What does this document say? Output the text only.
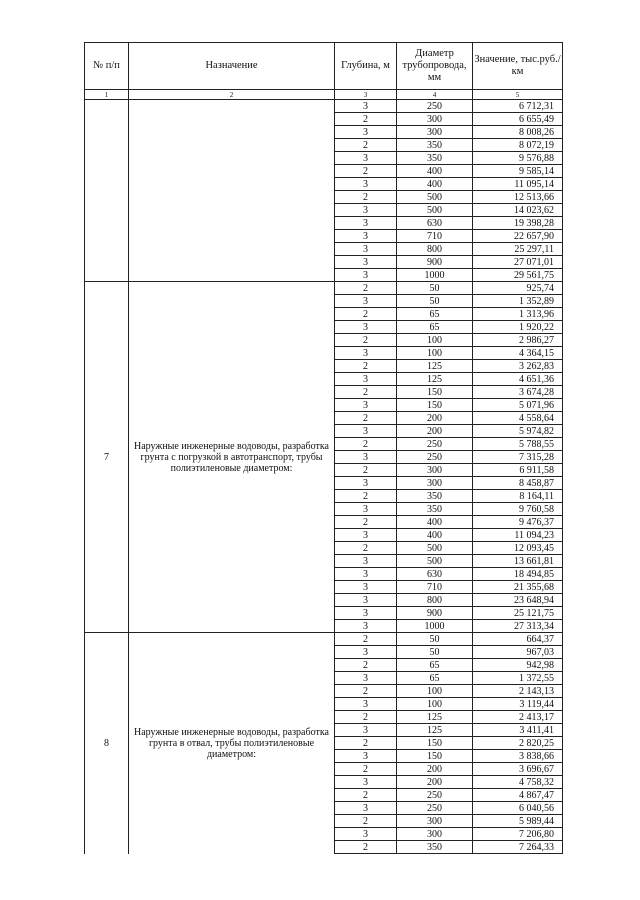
№ п/п	Назначение	Глубина, м	Диаметр трубопровода, мм	Значение, тыс.руб./км
1	2	3	4	5
		3	250	6 712,31
		2	300	6 655,49
		3	300	8 008,26
		2	350	8 072,19
		3	350	9 576,88
		2	400	9 585,14
		3	400	11 095,14
		2	500	12 513,66
		3	500	14 023,62
		3	630	19 398,28
		3	710	22 657,90
		3	800	25 297,11
		3	900	27 071,01
		3	1000	29 561,75
7	Наружные инженерные водоводы, разработка грунта с погрузкой в автотранспорт, трубы полиэтиленовые диаметром:	2	50	925,74
		3	50	1 352,89
		2	65	1 313,96
		3	65	1 920,22
		2	100	2 986,27
		3	100	4 364,15
		2	125	3 262,83
		3	125	4 651,36
		2	150	3 674,28
		3	150	5 071,96
		2	200	4 558,64
		3	200	5 974,82
		2	250	5 788,55
		3	250	7 315,28
		2	300	6 911,58
		3	300	8 458,87
		2	350	8 164,11
		3	350	9 760,58
		2	400	9 476,37
		3	400	11 094,23
		2	500	12 093,45
		3	500	13 661,81
		3	630	18 494,85
		3	710	21 355,68
		3	800	23 648,94
		3	900	25 121,75
		3	1000	27 313,34
8	Наружные инженерные водоводы, разработка грунта в отвал, трубы полиэтиленовые диаметром:	2	50	664,37
		3	50	967,03
		2	65	942,98
		3	65	1 372,55
		2	100	2 143,13
		3	100	3 119,44
		2	125	2 413,17
		3	125	3 411,41
		2	150	2 820,25
		3	150	3 838,66
		2	200	3 696,67
		3	200	4 758,32
		2	250	4 867,47
		3	250	6 040,56
		2	300	5 989,44
		3	300	7 206,80
		2	350	7 264,33
